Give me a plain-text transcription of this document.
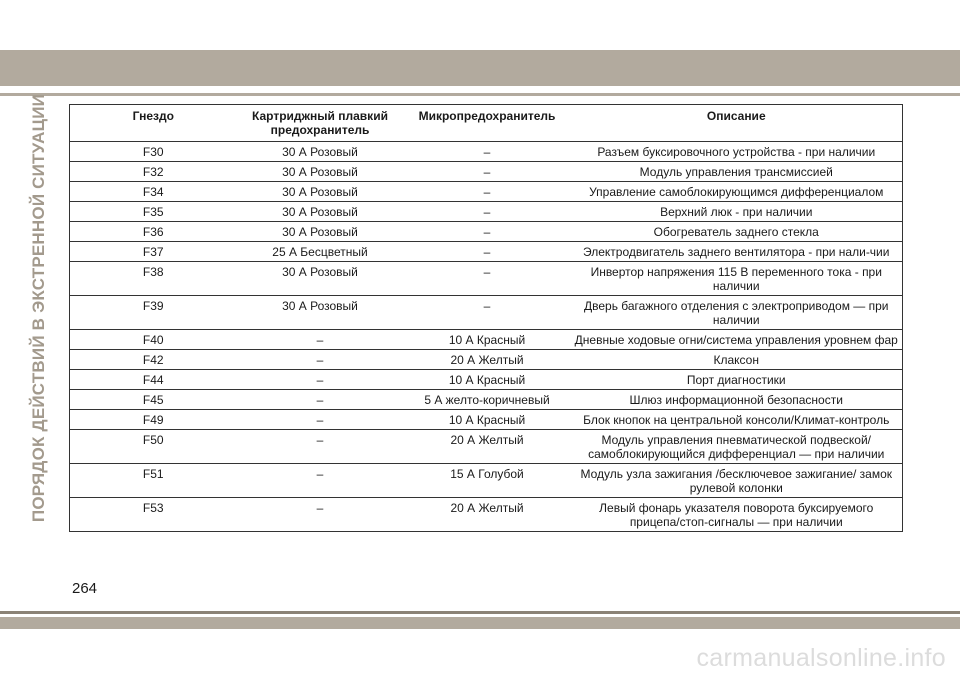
ПОРЯДОК ДЕЙСТВИЙ В ЭКСТРЕННОЙ СИТУАЦИИ	Гнездо	Картриджный плавкий предохранитель	Микропредохранитель	Описание
F30	30 А Розовый	–	Разъем буксировочного устройства - при наличии
F32	30 А Розовый	–	Модуль управления трансмиссией
F34	30 А Розовый	–	Управление самоблокирующимся дифференциалом
F35	30 А Розовый	–	Верхний люк - при наличии
F36	30 А Розовый	–	Обогреватель заднего стекла
F37	25 А Бесцветный	–	Электродвигатель заднего вентилятора - при нали-чии
F38	30 А Розовый	–	Инвертор напряжения 115 В переменного тока - при наличии
F39	30 А Розовый	–	Дверь багажного отделения с электроприводом — при наличии
F40	–	10 А Красный	Дневные ходовые огни/система управления уровнем фар
F42	–	20 А Желтый	Клаксон
F44	–	10 А Красный	Порт диагностики
F45	–	5 А желто-коричневый	Шлюз информационной безопасности
F49	–	10 А Красный	Блок кнопок на центральной консоли/Климат-контроль
F50	–	20 А Желтый	Модуль управления пневматической подвеской/ самоблокирующийся дифференциал — при наличии
F51	–	15 А Голубой	Модуль узла зажигания /бесключевое зажигание/ замок рулевой колонки
F53	–	20 А Желтый	Левый фонарь указателя поворота буксируемого прицепа/стоп-сигналы — при наличии
264
carmanualsonline.info
